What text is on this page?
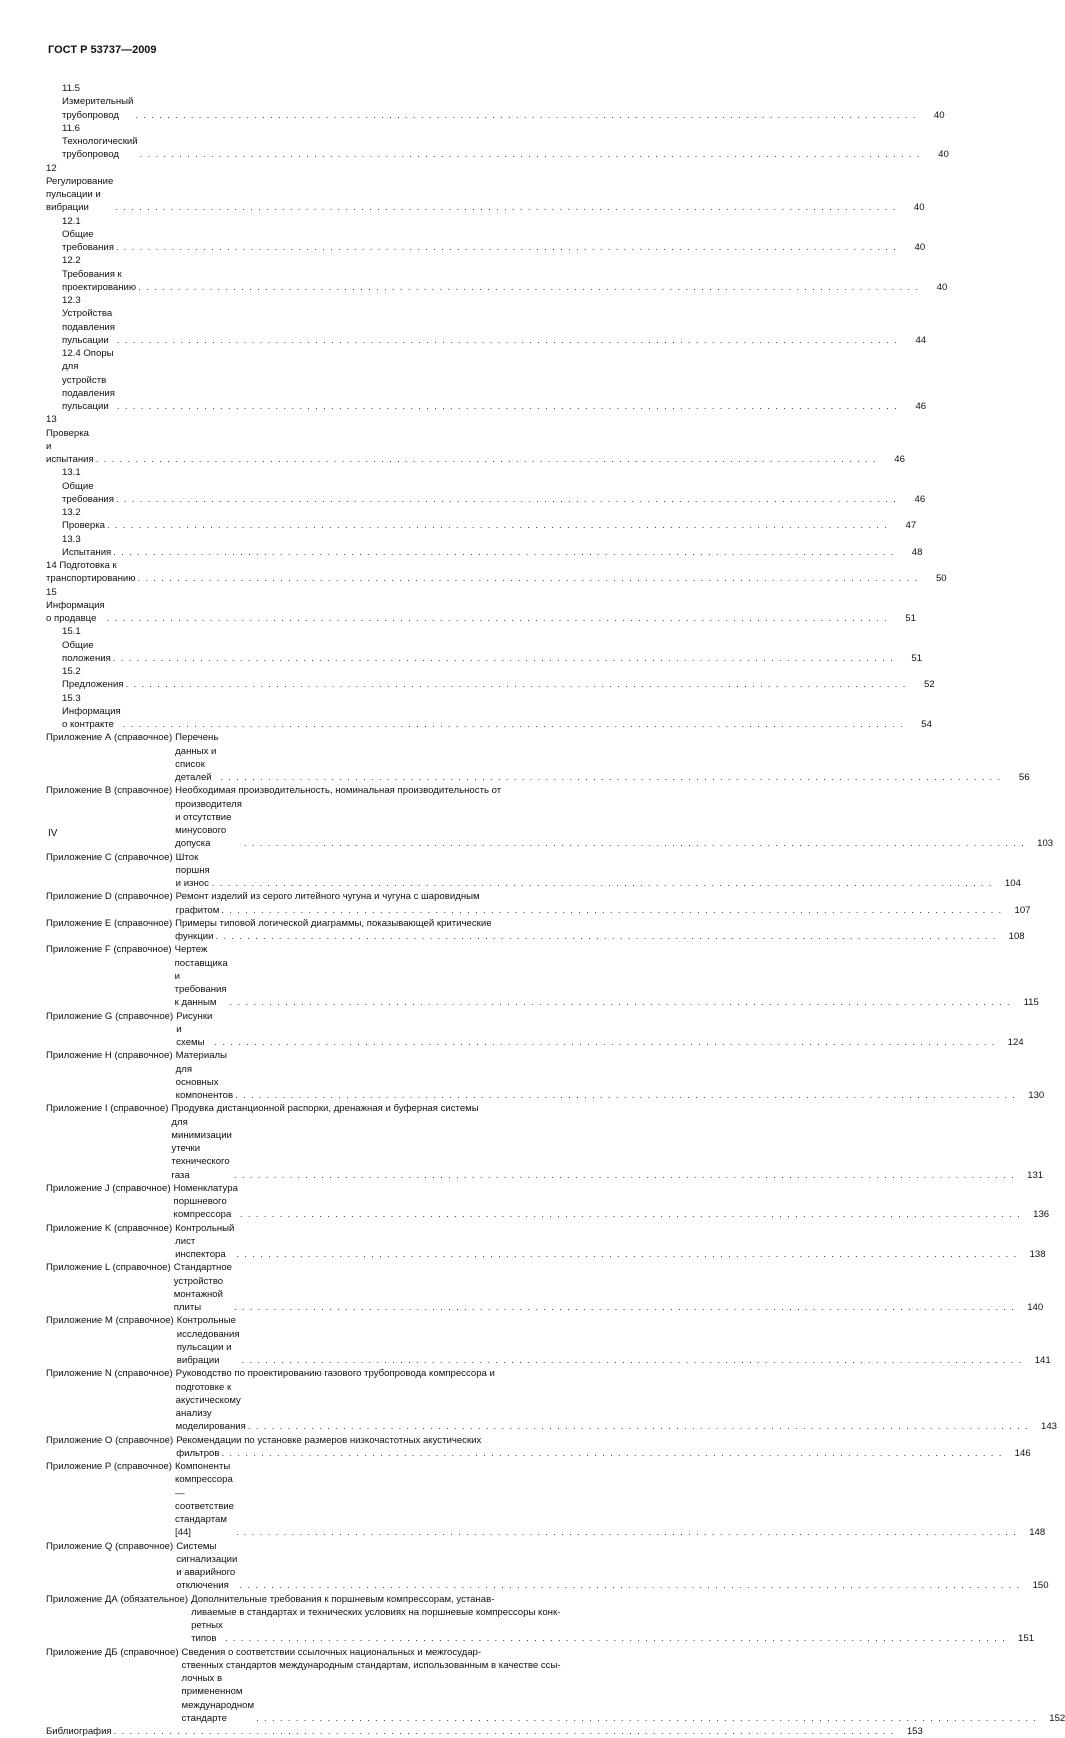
ГОСТ Р 53737—2009
11.5 Измерительный трубопровод . . .	40
11.6 Технологический трубопровод . . .	40
12 Регулирование пульсации и вибрации . . .	40
12.1 Общие требования . . .	40
12.2 Требования к проектированию . . .	40
12.3 Устройства подавления пульсации . . .	44
12.4 Опоры для устройств подавления пульсации . . .	46
13 Проверка и испытания . . .	46
13.1 Общие требования . . .	46
13.2 Проверка . . .	47
13.3 Испытания . . .	48
14 Подготовка к транспортированию . . .	50
15 Информация о продавце . . .	51
15.1 Общие положения . . .	51
15.2 Предложения . . .	52
15.3 Информация о контракте . . .	54
Приложение А (справочное) Перечень данных и список деталей . . .	56
Приложение В (справочное) Необходимая производительность, номинальная производительность от
производителя и отсутствие минусового допуска . . .	103
Приложение С (справочное) Шток поршня и износ . . .	104
Приложение D (справочное) Ремонт изделий из серого литейного чугуна и чугуна с шаровидным
графитом . . .	107
Приложение E (справочное) Примеры типовой логической диаграммы, показывающей критические
функции . . .	108
Приложение F (справочное) Чертеж поставщика и требования к данным . . .	115
Приложение G (справочное) Рисунки и схемы . . .	124
Приложение H (справочное) Материалы для основных компонентов . . .	130
Приложение I (справочное) Продувка дистанционной распорки, дренажная и буферная системы
для минимизации утечки технического газа . . .	131
Приложение J (справочное) Номенклатура поршневого компрессора . . .	136
Приложение K (справочное) Контрольный лист инспектора . . .	138
Приложение L (справочное) Стандартное устройство монтажной плиты . . .	140
Приложение M (справочное) Контрольные исследования пульсации и вибрации . . .	141
Приложение N (справочное) Руководство по проектированию газового трубопровода компрессора и
подготовке к акустическому анализу моделирования . . .	143
Приложение O (справочное) Рекомендации по установке размеров низкочастотных акустических
фильтров . . .	146
Приложение P (справочное) Компоненты компрессора — соответствие стандартам [44] . . .	148
Приложение Q (справочное) Системы сигнализации и аварийного отключения . . .	150
Приложение ДА (обязательное) Дополнительные требования к поршневым компрессорам, устанав-
ливаемые в стандартах и технических условиях на поршневые компрессоры конк-
ретных типов . . .	151
Приложение ДБ (справочное) Сведения о соответствии ссылочных национальных и межгосудар-
ственных стандартов международным стандартам, использованным в качестве ссы-
лочных в примененном международном стандарте . . .	152
Библиография . . .	153
IV
